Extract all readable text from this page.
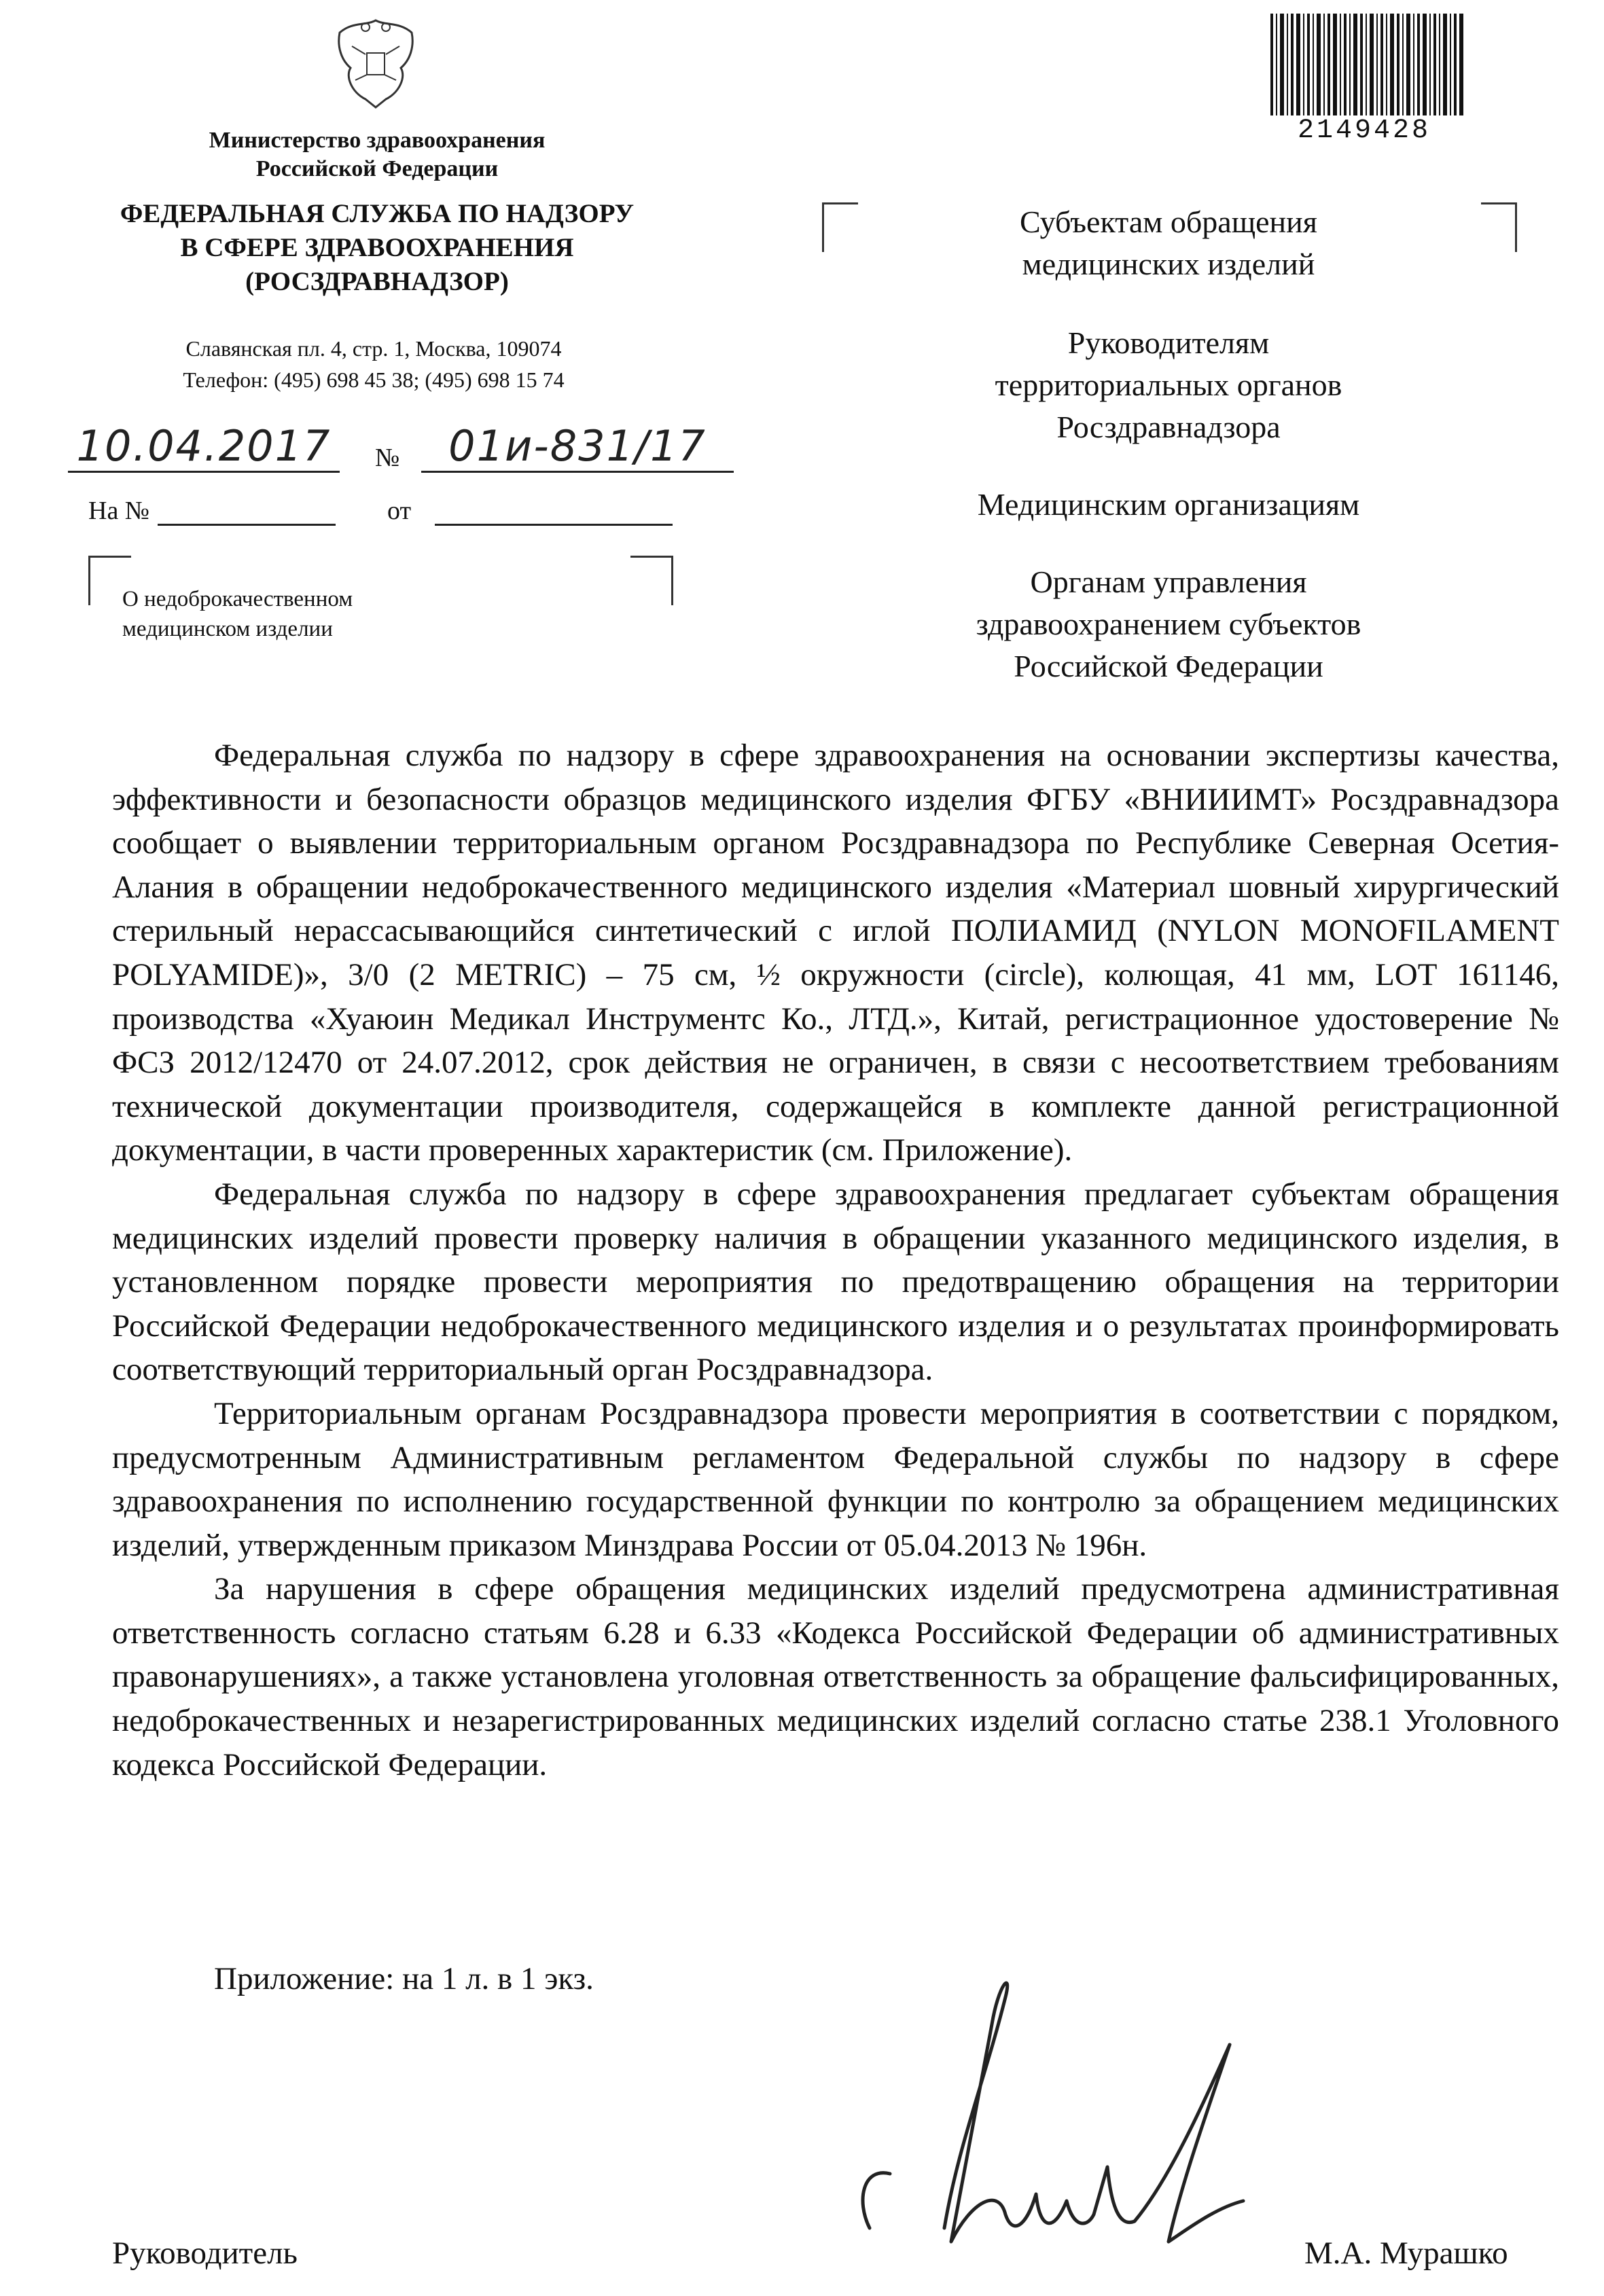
Министерство здравоохранения
Российской Федерации
ФЕДЕРАЛЬНАЯ СЛУЖБА ПО НАДЗОРУ
В СФЕРЕ ЗДРАВООХРАНЕНИЯ
(РОСЗДРАВНАДЗОР)
Славянская пл. 4, стр. 1, Москва, 109074
Телефон: (495) 698 45 38; (495) 698 15 74
10.04.2017	№	01и-831/17
На №	от
О недоброкачественном
медицинском изделии
2149428
Субъектам обращения
медицинских изделий
Руководителям
территориальных органов
Росздравнадзора
Медицинским организациям
Органам управления
здравоохранением субъектов
Российской Федерации

Федеральная служба по надзору в сфере здравоохранения на основании экспертизы качества, эффективности и безопасности образцов медицинского изделия ФГБУ «ВНИИИМТ» Росздравнадзора сообщает о выявлении территориальным органом Росздравнадзора по Республике Северная Осетия-Алания в обращении недоброкачественного медицинского изделия «Материал шовный хирургический стерильный нерассасывающийся синтетический с иглой ПОЛИАМИД (NYLON MONOFILAMENT POLYAMIDE)», 3/0 (2 METRIC) – 75 см, ½ окружности (circle), колющая, 41 мм, LOT 161146, производства «Хуаюин Медикал Инструментс Ко., ЛТД.», Китай, регистрационное удостоверение № ФСЗ 2012/12470 от 24.07.2012, срок действия не ограничен, в связи с несоответствием требованиям технической документации производителя, содержащейся в комплекте данной регистрационной документации, в части проверенных характеристик (см. Приложение).

Федеральная служба по надзору в сфере здравоохранения предлагает субъектам обращения медицинских изделий провести проверку наличия в обращении указанного медицинского изделия, в установленном порядке провести мероприятия по предотвращению обращения на территории Российской Федерации недоброкачественного медицинского изделия и о результатах проинформировать соответствующий территориальный орган Росздравнадзора.

Территориальным органам Росздравнадзора провести мероприятия в соответствии с порядком, предусмотренным Административным регламентом Федеральной службы по надзору в сфере здравоохранения по исполнению государственной функции по контролю за обращением медицинских изделий, утвержденным приказом Минздрава России от 05.04.2013 № 196н.

За нарушения в сфере обращения медицинских изделий предусмотрена административная ответственность согласно статьям 6.28 и 6.33 «Кодекса Российской Федерации об административных правонарушениях», а также установлена уголовная ответственность за обращение фальсифицированных, недоброкачественных и незарегистрированных медицинских изделий согласно статье 238.1 Уголовного кодекса Российской Федерации.

Приложение: на 1 л. в 1 экз.
Руководитель	М.А. Мурашко
